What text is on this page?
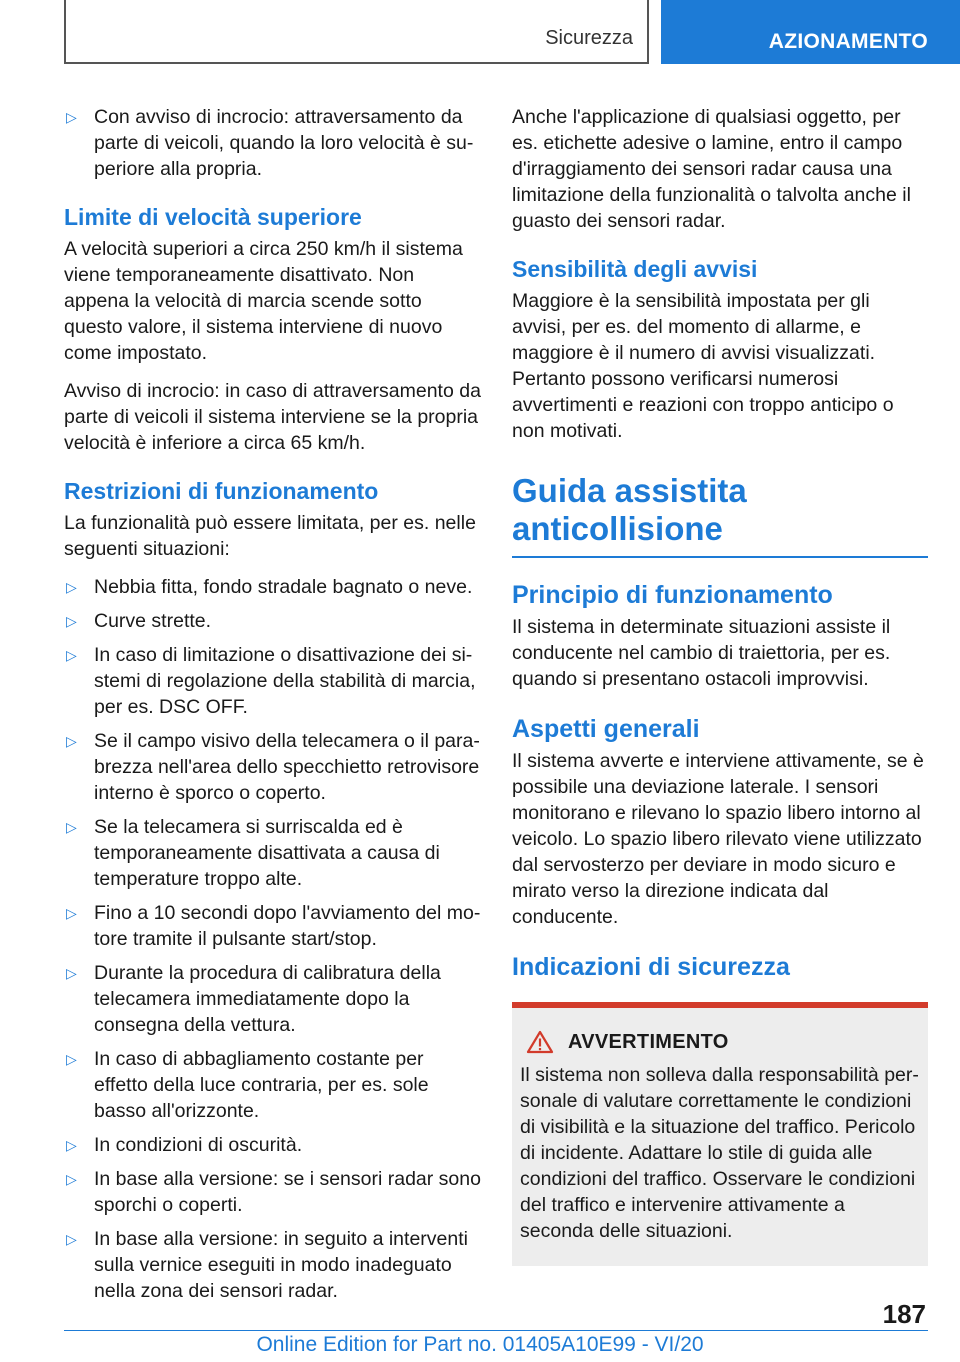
Sicurezza	AZIONAMENTO
▷ Con avviso di incrocio: attraversamento da parte di veicoli, quando la loro velocità è superiore alla propria.
Limite di velocità superiore

A velocità superiori a circa 250 km/h il sistema viene temporaneamente disattivato. Non appena la velocità di marcia scende sotto questo valore, il sistema interviene di nuovo come impostato.

Avviso di incrocio: in caso di attraversamento da parte di veicoli il sistema interviene se la propria velocità è inferiore a circa 65 km/h.

Restrizioni di funzionamento

La funzionalità può essere limitata, per es. nelle seguenti situazioni:

▷ Nebbia fitta, fondo stradale bagnato o neve.
▷ Curve strette.
▷ In caso di limitazione o disattivazione dei sistemi di regolazione della stabilità di marcia, per es. DSC OFF.
▷ Se il campo visivo della telecamera o il parabrezza nell'area dello specchietto retrovisore interno è sporco o coperto.
▷ Se la telecamera si surriscalda ed è temporaneamente disattivata a causa di temperature troppo alte.
▷ Fino a 10 secondi dopo l'avviamento del motore tramite il pulsante start/stop.
▷ Durante la procedura di calibratura della telecamera immediatamente dopo la consegna della vettura.
▷ In caso di abbagliamento costante per effetto della luce contraria, per es. sole basso all'orizzonte.
▷ In condizioni di oscurità.
▷ In base alla versione: se i sensori radar sono sporchi o coperti.
▷ In base alla versione: in seguito a interventi sulla vernice eseguiti in modo inadeguato nella zona dei sensori radar.

Anche l'applicazione di qualsiasi oggetto, per es. etichette adesive o lamine, entro il campo d'irraggiamento dei sensori radar causa una limitazione della funzionalità o talvolta anche il guasto dei sensori radar.

Sensibilità degli avvisi

Maggiore è la sensibilità impostata per gli avvisi, per es. del momento di allarme, e maggiore è il numero di avvisi visualizzati. Pertanto possono verificarsi numerosi avvertimenti e reazioni con troppo anticipo o non motivati.

Guida assistita anticollisione
Principio di funzionamento

Il sistema in determinate situazioni assiste il conducente nel cambio di traiettoria, per es. quando si presentano ostacoli improvvisi.

Aspetti generali

Il sistema avverte e interviene attivamente, se è possibile una deviazione laterale. I sensori monitorano e rilevano lo spazio libero intorno al veicolo. Lo spazio libero rilevato viene utilizzato dal servosterzo per deviare in modo sicuro e mirato verso la direzione indicata dal conducente.

Indicazioni di sicurezza
AVVERTIMENTO

Il sistema non solleva dalla responsabilità personale di valutare correttamente le condizioni di visibilità e la situazione del traffico. Pericolo di incidente. Adattare lo stile di guida alle condizioni del traffico. Osservare le condizioni del traffico e intervenire attivamente a seconda delle situazioni.

187
Online Edition for Part no. 01405A10E99 - VI/20
